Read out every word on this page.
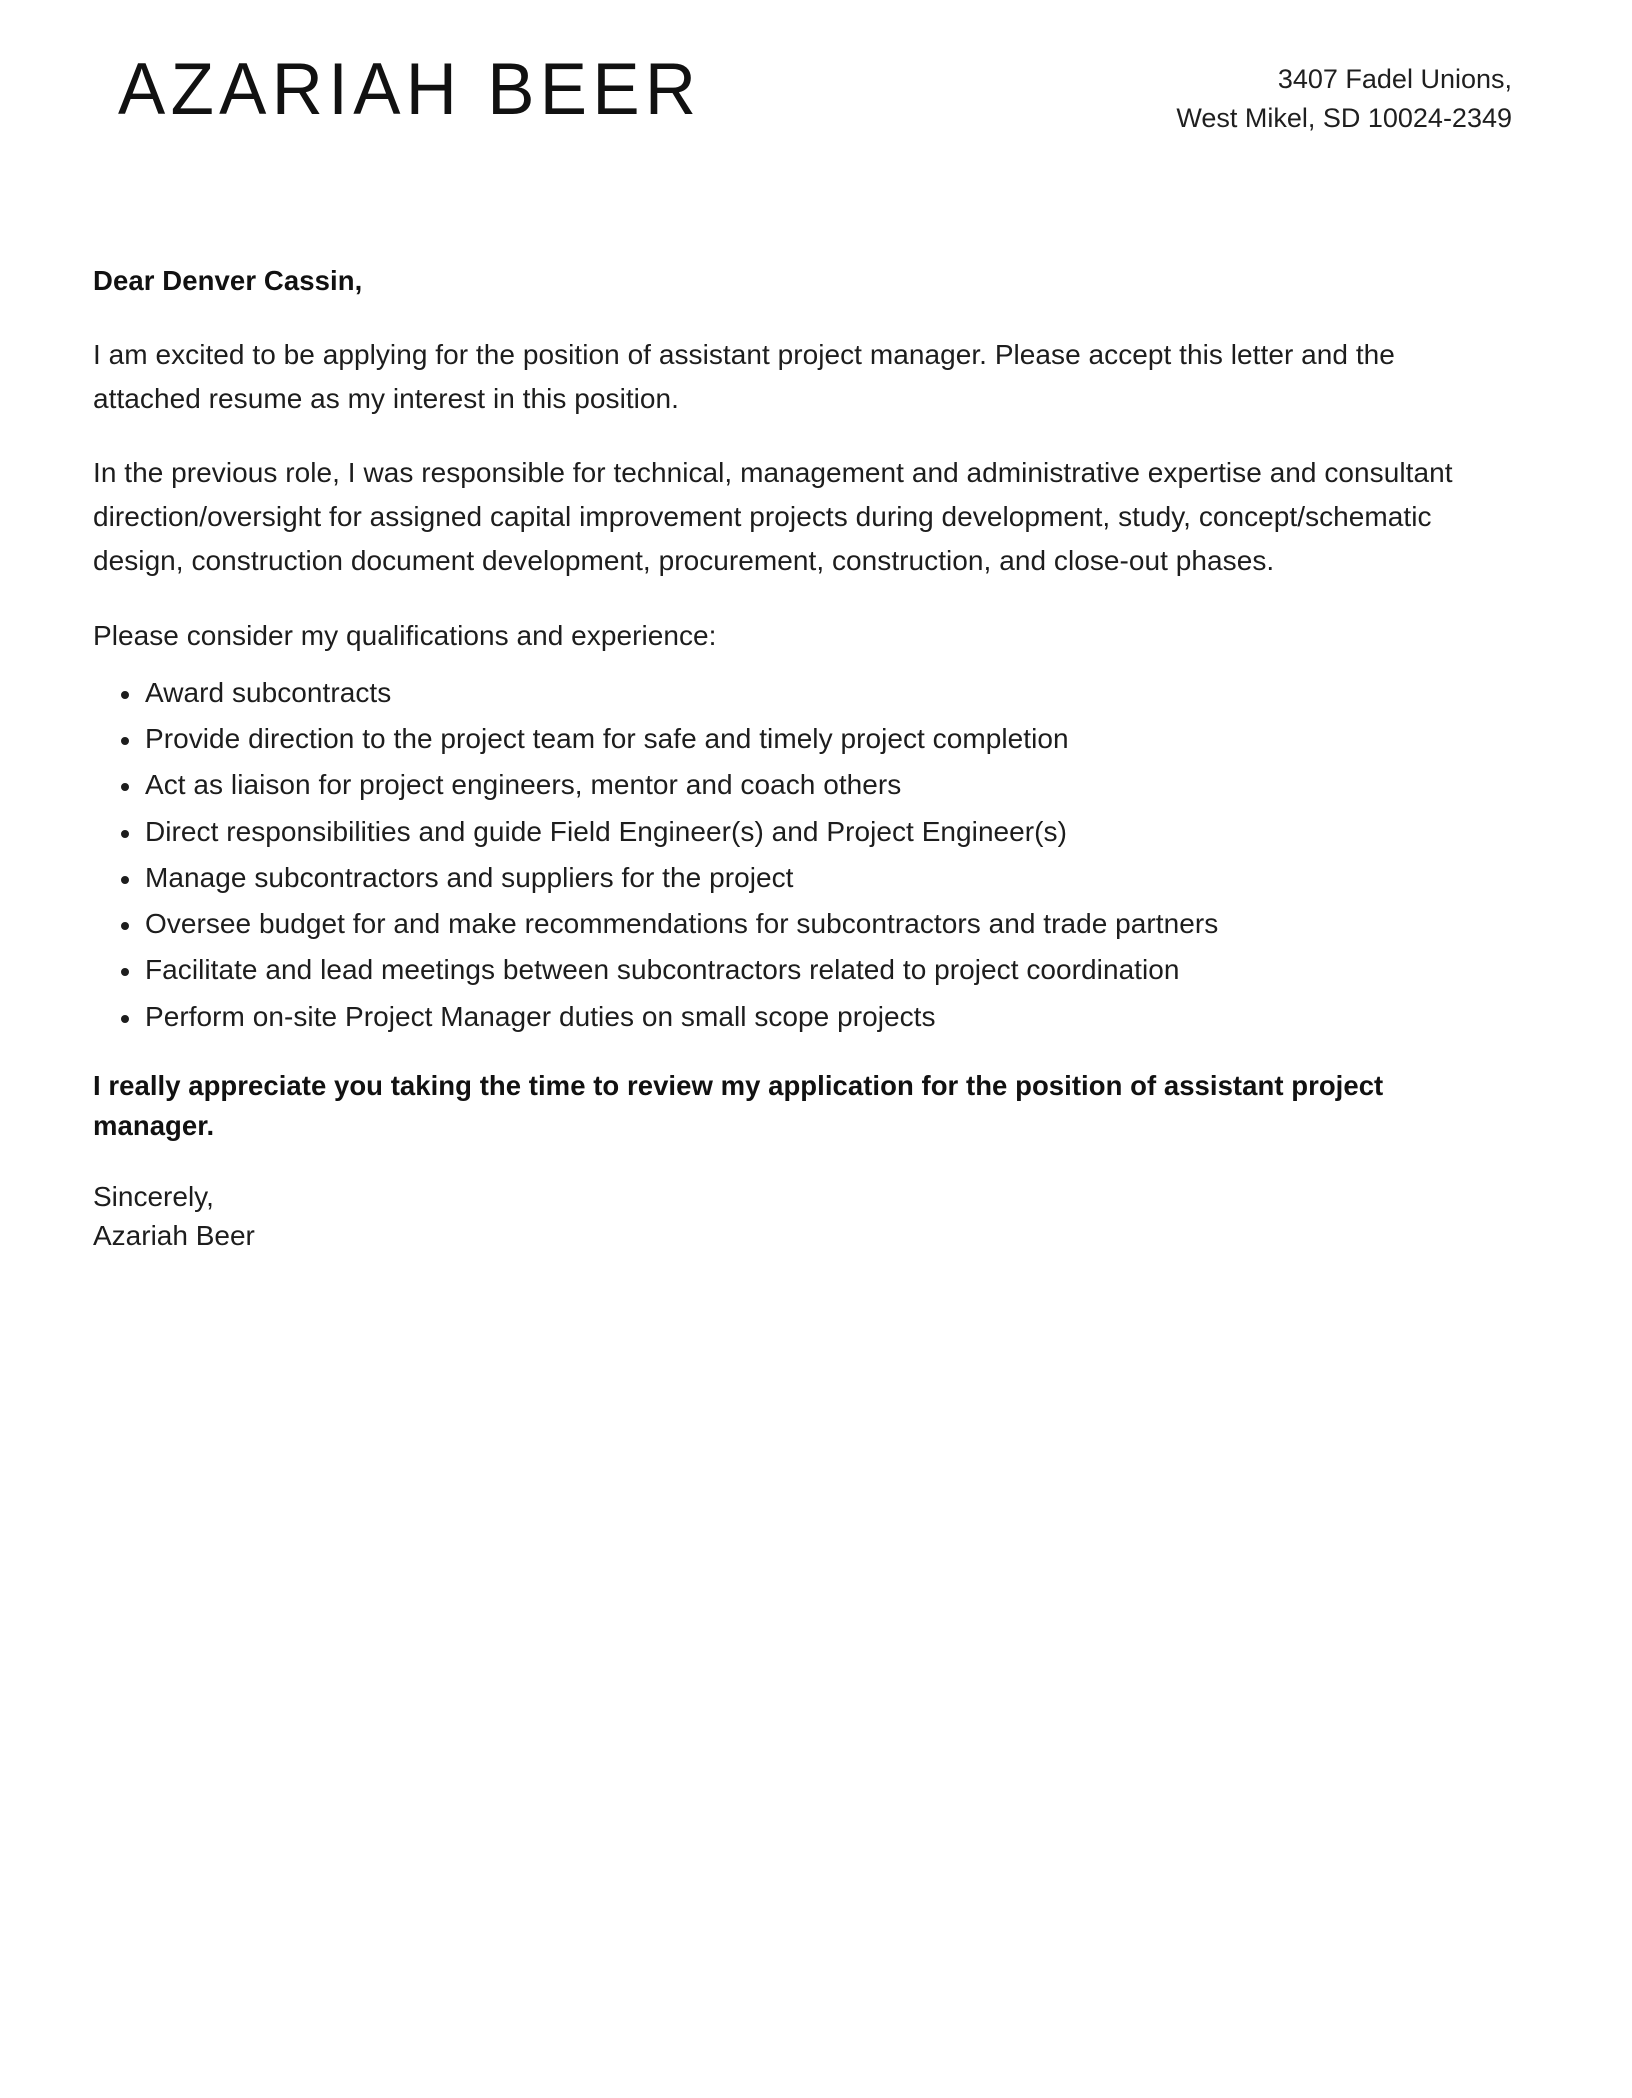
AZARIAH BEER	3407 Fadel Unions,
West Mikel, SD 10024-2349

Dear Denver Cassin,

I am excited to be applying for the position of assistant project manager. Please accept this letter and the attached resume as my interest in this position.

In the previous role, I was responsible for technical, management and administrative expertise and consultant direction/oversight for assigned capital improvement projects during development, study, concept/schematic design, construction document development, procurement, construction, and close-out phases.

Please consider my qualifications and experience:

Award subcontracts
Provide direction to the project team for safe and timely project completion
Act as liaison for project engineers, mentor and coach others
Direct responsibilities and guide Field Engineer(s) and Project Engineer(s)
Manage subcontractors and suppliers for the project
Oversee budget for and make recommendations for subcontractors and trade partners
Facilitate and lead meetings between subcontractors related to project coordination
Perform on-site Project Manager duties on small scope projects

I really appreciate you taking the time to review my application for the position of assistant project manager.

Sincerely,
Azariah Beer
